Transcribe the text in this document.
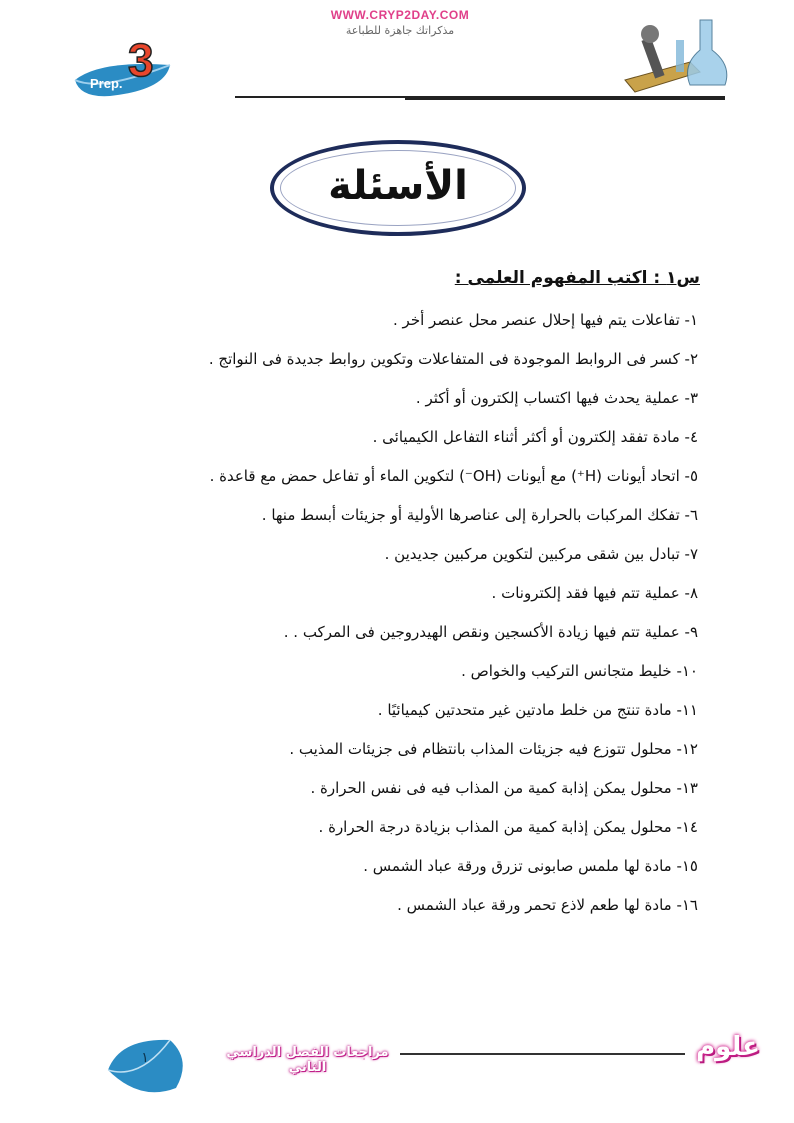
WWW.CRYP2DAY.COM
مذكراتك جاهزة للطباعة
Prep. 3
الأسئلة
س١ : اكتب المفهوم العلمى :
١- تفاعلات يتم فيها إحلال عنصر محل عنصر أخر .
٢- كسر فى الروابط الموجودة فى المتفاعلات وتكوين روابط جديدة فى النواتج .
٣- عملية يحدث فيها اكتساب إلكترون أو أكثر .
٤- مادة تفقد إلكترون أو أكثر أثناء التفاعل الكيميائى .
٥- اتحاد أيونات (H⁺) مع أيونات (OH⁻) لتكوين الماء أو تفاعل حمض مع قاعدة .
٦- تفكك المركبات بالحرارة إلى عناصرها الأولية أو جزيئات أبسط منها .
٧- تبادل بين شقى مركبين لتكوين مركبين جديدين .
٨- عملية تتم فيها فقد إلكترونات .
٩- عملية تتم فيها زيادة الأكسجين ونقص الهيدروجين فى المركب . .
١٠- خليط متجانس التركيب والخواص .
١١- مادة تنتج من خلط مادتين غير متحدتين كيميائيًا .
١٢- محلول تتوزع فيه جزيئات المذاب بانتظام فى جزيئات المذيب .
١٣- محلول يمكن إذابة كمية من المذاب فيه فى نفس الحرارة .
١٤- محلول يمكن إذابة كمية من المذاب بزيادة درجة الحرارة .
١٥- مادة لها ملمس صابونى تزرق ورقة عباد الشمس .
١٦- مادة لها طعم لاذع تحمر ورقة عباد الشمس .
١	مراجعات الفصل الدراسي الثاني
علوم
